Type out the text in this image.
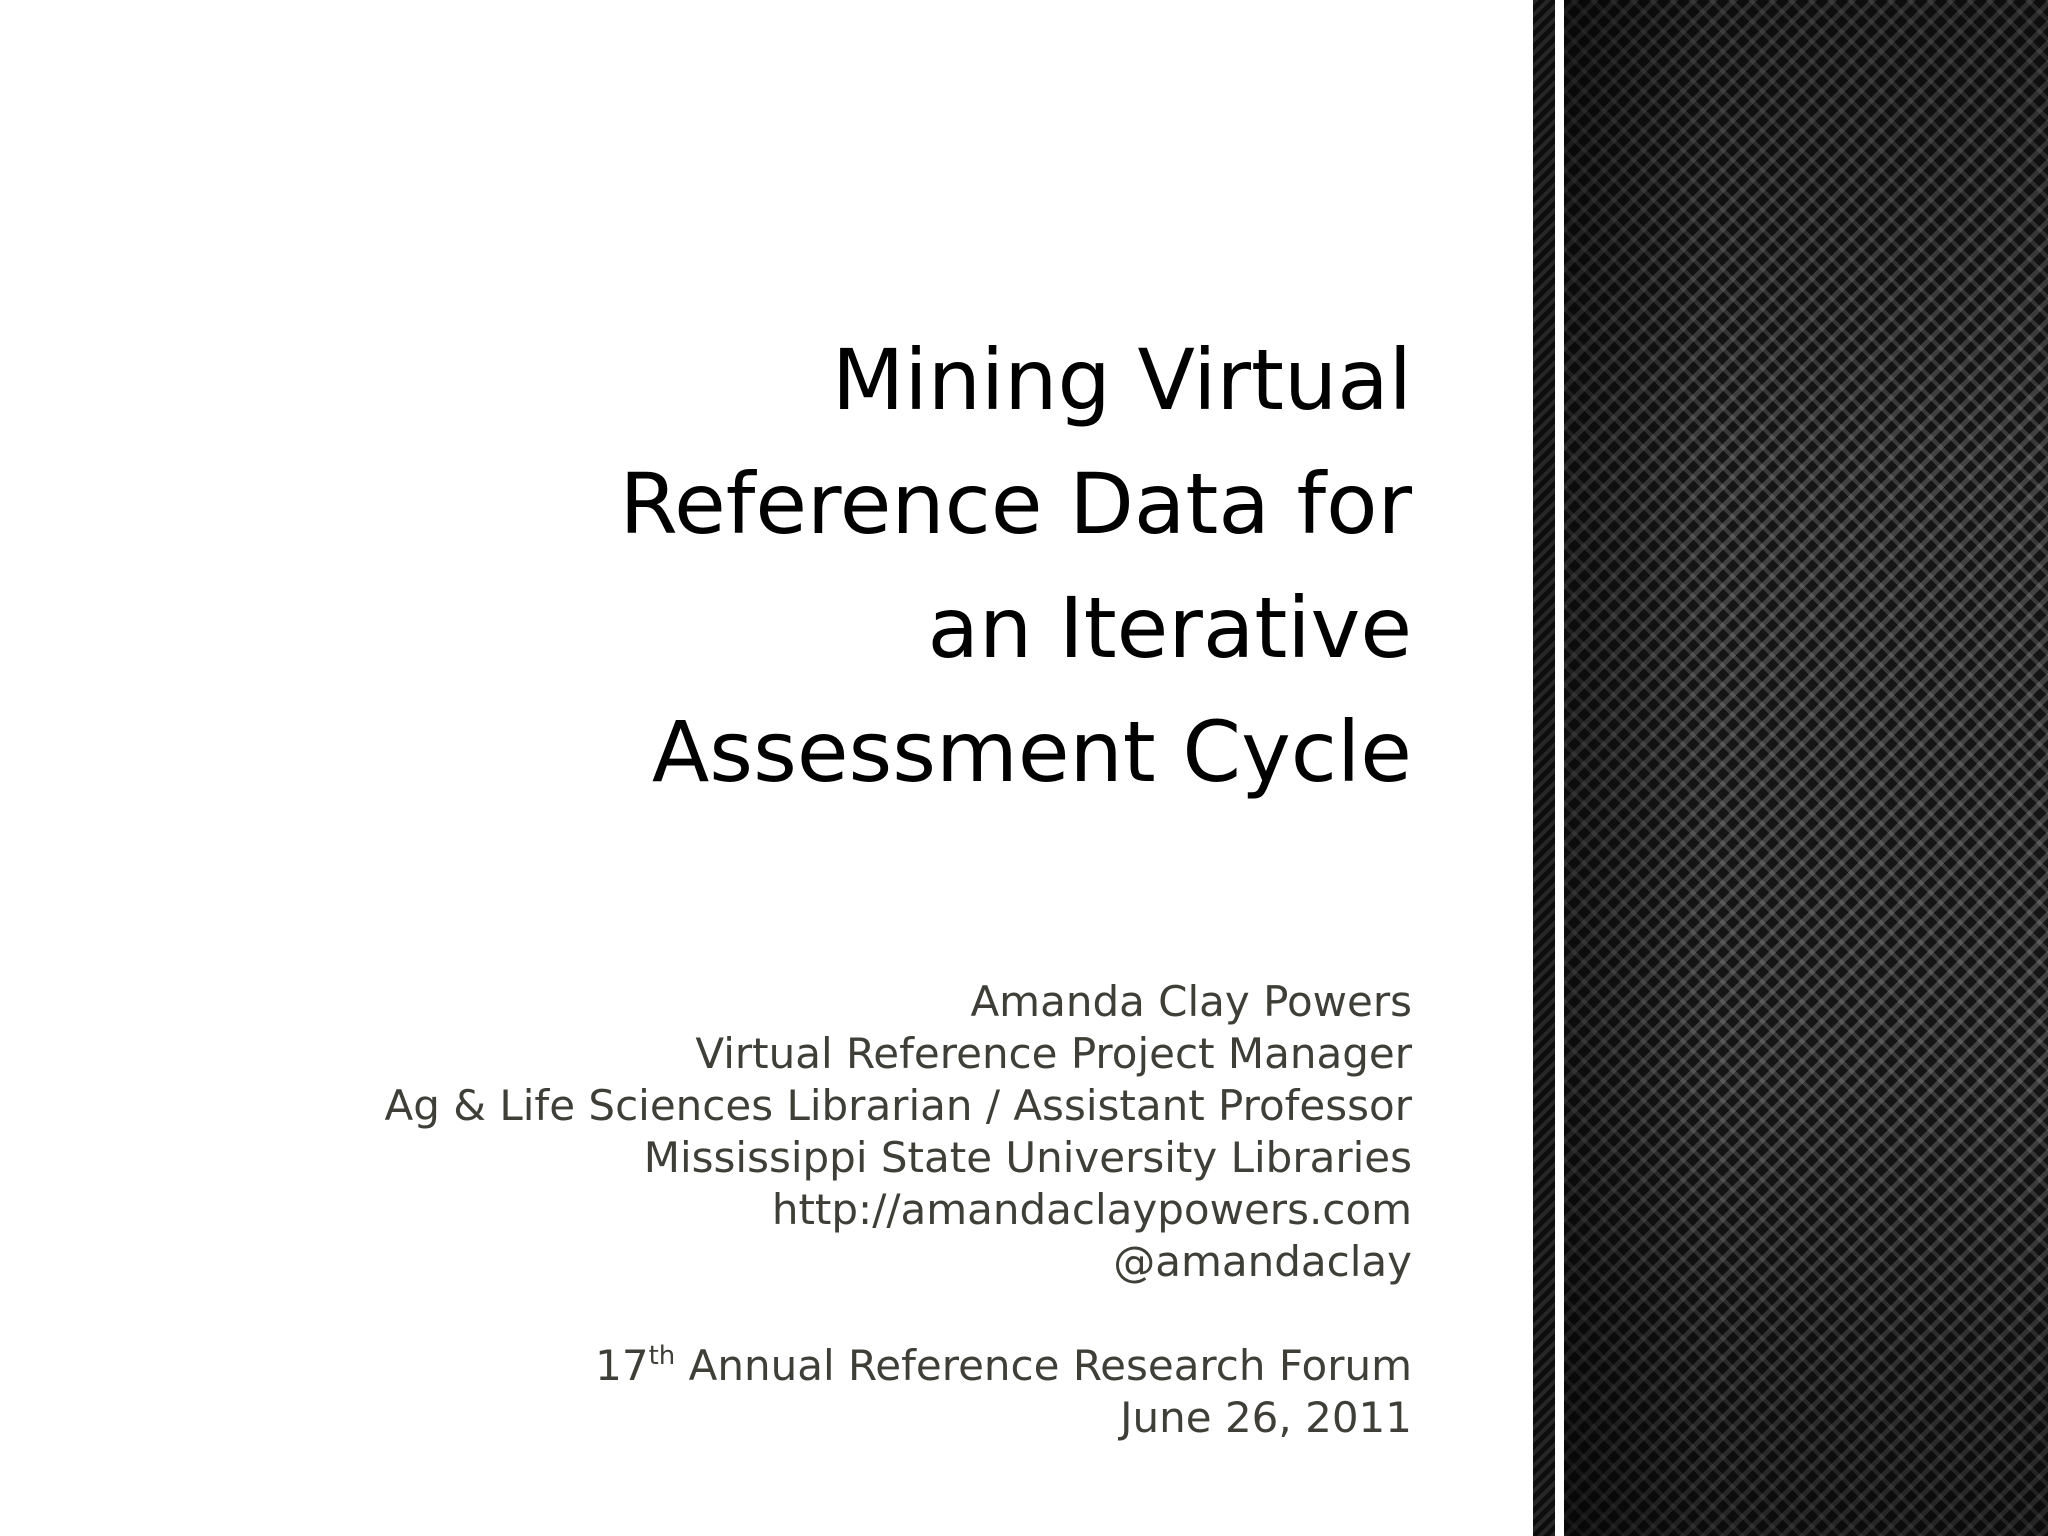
Mining Virtual
Reference Data for
an Iterative
Assessment Cycle
Amanda Clay Powers
Virtual Reference Project Manager
Ag & Life Sciences Librarian / Assistant Professor
Mississippi State University Libraries
http://amandaclaypowers.com
@amandaclay
17th Annual Reference Research Forum
June 26, 2011
